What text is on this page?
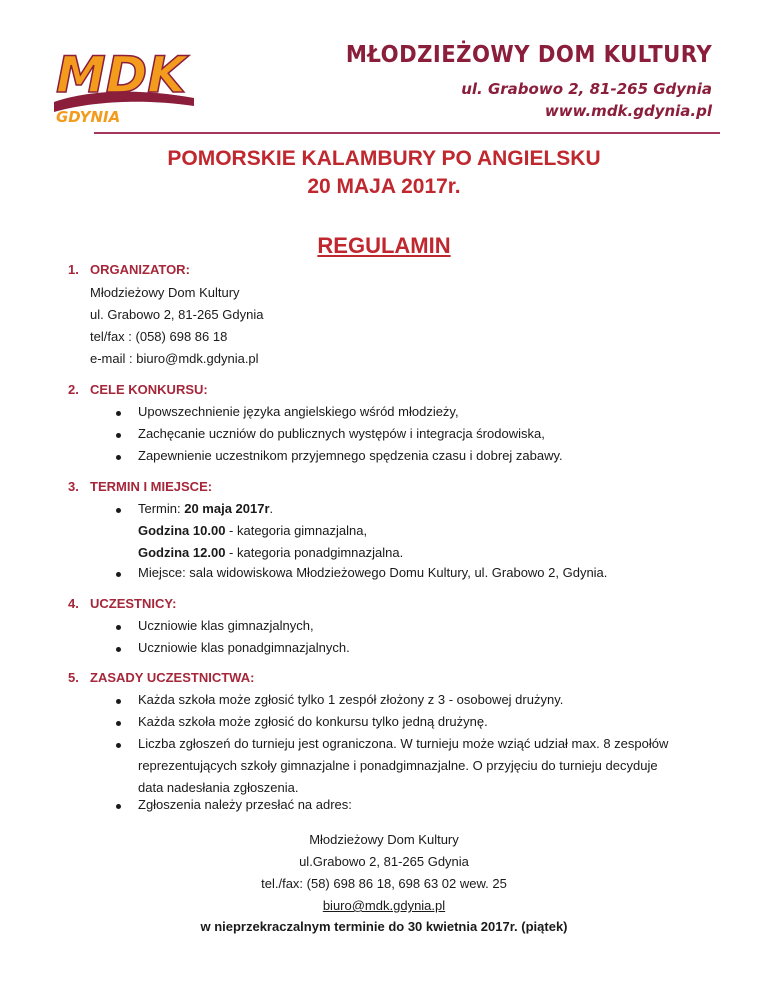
MDK
GDYNIA
MŁODZIEŻOWY DOM KULTURY
ul. Grabowo 2, 81-265 Gdynia
www.mdk.gdynia.pl
POMORSKIE KALAMBURY PO ANGIELSKU
20 MAJA 2017r.
REGULAMIN
1. ORGANIZATOR:
Młodzieżowy Dom Kultury
ul. Grabowo 2, 81-265 Gdynia
tel/fax : (058) 698 86 18
e-mail : biuro@mdk.gdynia.pl
2. CELE KONKURSU:
Upowszechnienie języka angielskiego wśród młodzieży,
Zachęcanie uczniów do publicznych występów i integracja środowiska,
Zapewnienie uczestnikom przyjemnego spędzenia czasu i dobrej zabawy.
3. TERMIN I MIEJSCE:
Termin: 20 maja 2017r.
Godzina 10.00 - kategoria gimnazjalna,
Godzina 12.00 - kategoria ponadgimnazjalna.
Miejsce: sala widowiskowa Młodzieżowego Domu Kultury, ul. Grabowo 2, Gdynia.
4. UCZESTNICY:
Uczniowie klas gimnazjalnych,
Uczniowie klas ponadgimnazjalnych.
5. ZASADY UCZESTNICTWA:
Każda szkoła może zgłosić tylko 1 zespół złożony z 3 - osobowej drużyny.
Każda szkoła może zgłosić do konkursu tylko jedną drużynę.
Liczba zgłoszeń do turnieju jest ograniczona. W turnieju może wziąć udział max. 8 zespołów
reprezentujących szkoły gimnazjalne i ponadgimnazjalne. O przyjęciu do turnieju decyduje
data nadesłania zgłoszenia.
Zgłoszenia należy przesłać na adres:
Młodzieżowy Dom Kultury
ul.Grabowo 2, 81-265 Gdynia
tel./fax: (58) 698 86 18, 698 63 02 wew. 25
biuro@mdk.gdynia.pl
w nieprzekraczalnym terminie do 30 kwietnia 2017r. (piątek)
